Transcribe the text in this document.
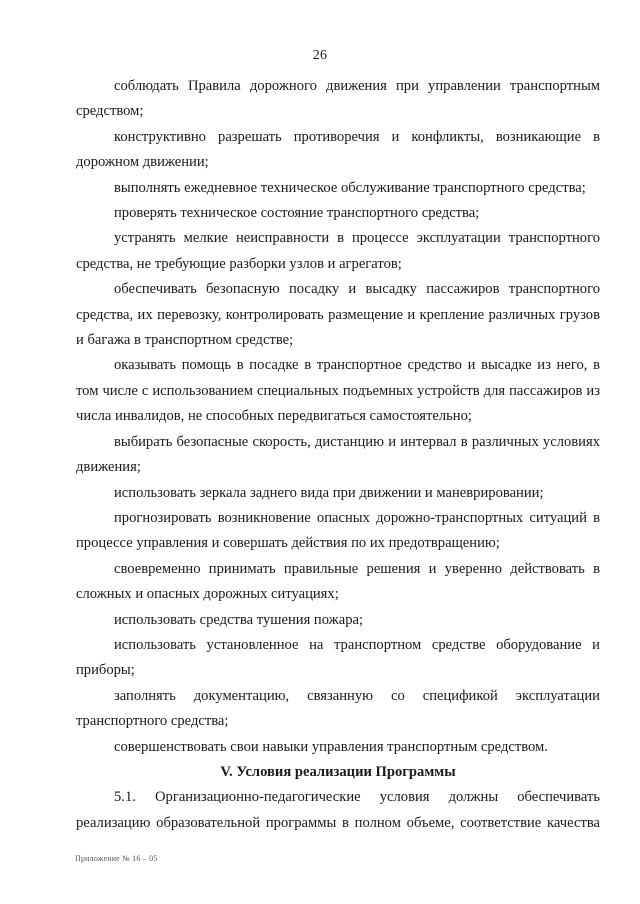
26

соблюдать Правила дорожного движения при управлении транспортным средством;

конструктивно разрешать противоречия и конфликты, возникающие в дорожном движении;

выполнять ежедневное техническое обслуживание транспортного средства;

проверять техническое состояние транспортного средства;

устранять мелкие неисправности в процессе эксплуатации транспортного средства, не требующие разборки узлов и агрегатов;

обеспечивать безопасную посадку и высадку пассажиров транспортного средства, их перевозку, контролировать размещение и крепление различных грузов и багажа в транспортном средстве;

оказывать помощь в посадке в транспортное средство и высадке из него, в том числе с использованием специальных подъемных устройств для пассажиров из числа инвалидов, не способных передвигаться самостоятельно;

выбирать безопасные скорость, дистанцию и интервал в различных условиях движения;

использовать зеркала заднего вида при движении и маневрировании;

прогнозировать возникновение опасных дорожно-транспортных ситуаций в процессе управления и совершать действия по их предотвращению;

своевременно принимать правильные решения и уверенно действовать в сложных и опасных дорожных ситуациях;

использовать средства тушения пожара;

использовать установленное на транспортном средстве оборудование и приборы;

заполнять документацию, связанную со спецификой эксплуатации транспортного средства;

совершенствовать свои навыки управления транспортным средством.

V. Условия реализации Программы

5.1. Организационно-педагогические условия должны обеспечивать реализацию образовательной программы в полном объеме, соответствие качества

Приложение № 16 – 05
